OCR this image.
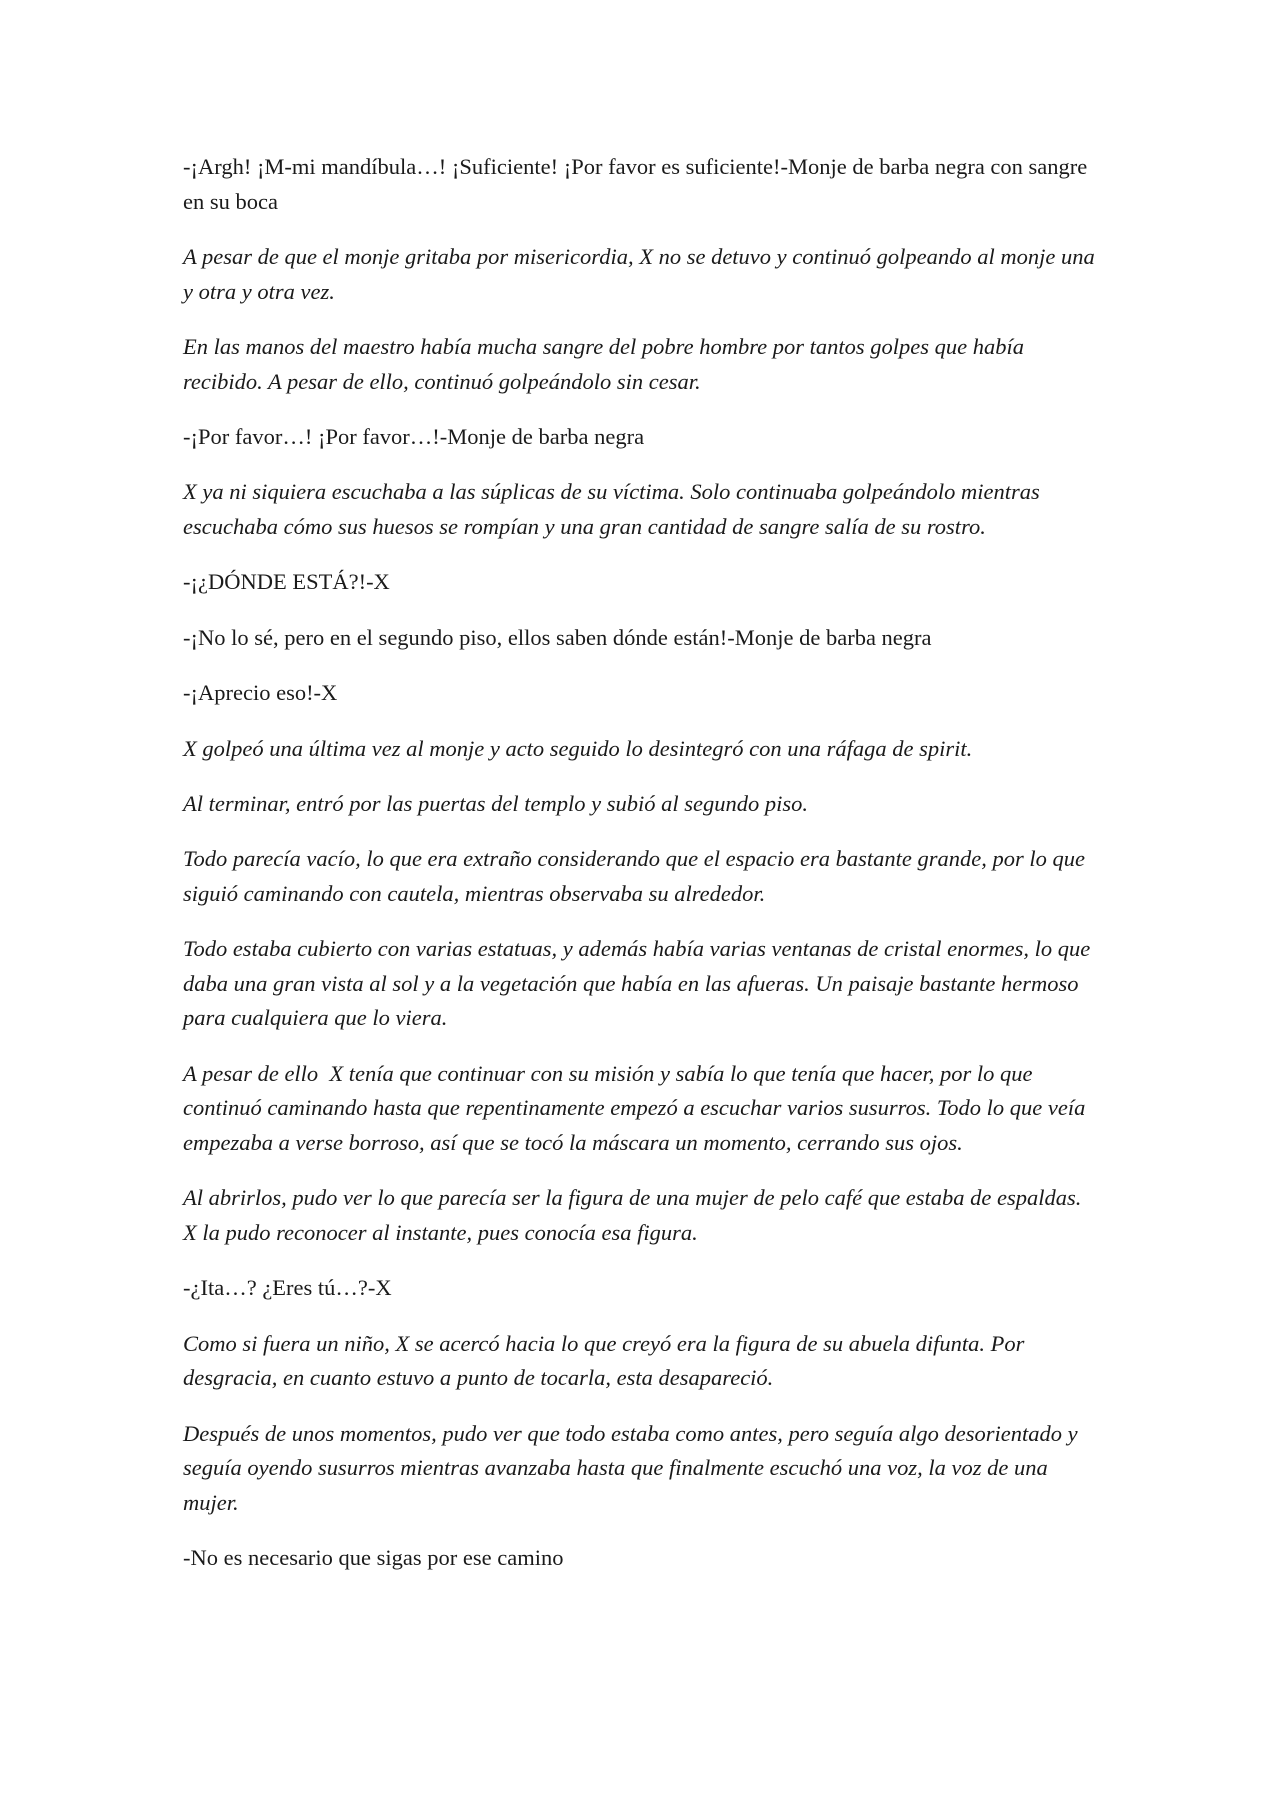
-¡Argh! ¡M-mi mandíbula…! ¡Suficiente! ¡Por favor es suficiente!-Monje de barba negra con sangre en su boca

A pesar de que el monje gritaba por misericordia, X no se detuvo y continuó golpeando al monje una y otra y otra vez.

En las manos del maestro había mucha sangre del pobre hombre por tantos golpes que había recibido. A pesar de ello, continuó golpeándolo sin cesar.

-¡Por favor…! ¡Por favor…!-Monje de barba negra

X ya ni siquiera escuchaba a las súplicas de su víctima. Solo continuaba golpeándolo mientras escuchaba cómo sus huesos se rompían y una gran cantidad de sangre salía de su rostro.

-¡¿DÓNDE ESTÁ?!-X

-¡No lo sé, pero en el segundo piso, ellos saben dónde están!-Monje de barba negra

-¡Aprecio eso!-X

X golpeó una última vez al monje y acto seguido lo desintegró con una ráfaga de spirit.

Al terminar, entró por las puertas del templo y subió al segundo piso.

Todo parecía vacío, lo que era extraño considerando que el espacio era bastante grande, por lo que siguió caminando con cautela, mientras observaba su alrededor.

Todo estaba cubierto con varias estatuas, y además había varias ventanas de cristal enormes, lo que daba una gran vista al sol y a la vegetación que había en las afueras. Un paisaje bastante hermoso para cualquiera que lo viera.

A pesar de ello  X tenía que continuar con su misión y sabía lo que tenía que hacer, por lo que continuó caminando hasta que repentinamente empezó a escuchar varios susurros. Todo lo que veía empezaba a verse borroso, así que se tocó la máscara un momento, cerrando sus ojos.

Al abrirlos, pudo ver lo que parecía ser la figura de una mujer de pelo café que estaba de espaldas. X la pudo reconocer al instante, pues conocía esa figura.

-¿Ita…? ¿Eres tú…?-X

Como si fuera un niño, X se acercó hacia lo que creyó era la figura de su abuela difunta. Por desgracia, en cuanto estuvo a punto de tocarla, esta desapareció.

Después de unos momentos, pudo ver que todo estaba como antes, pero seguía algo desorientado y seguía oyendo susurros mientras avanzaba hasta que finalmente escuchó una voz, la voz de una mujer.

-No es necesario que sigas por ese camino
